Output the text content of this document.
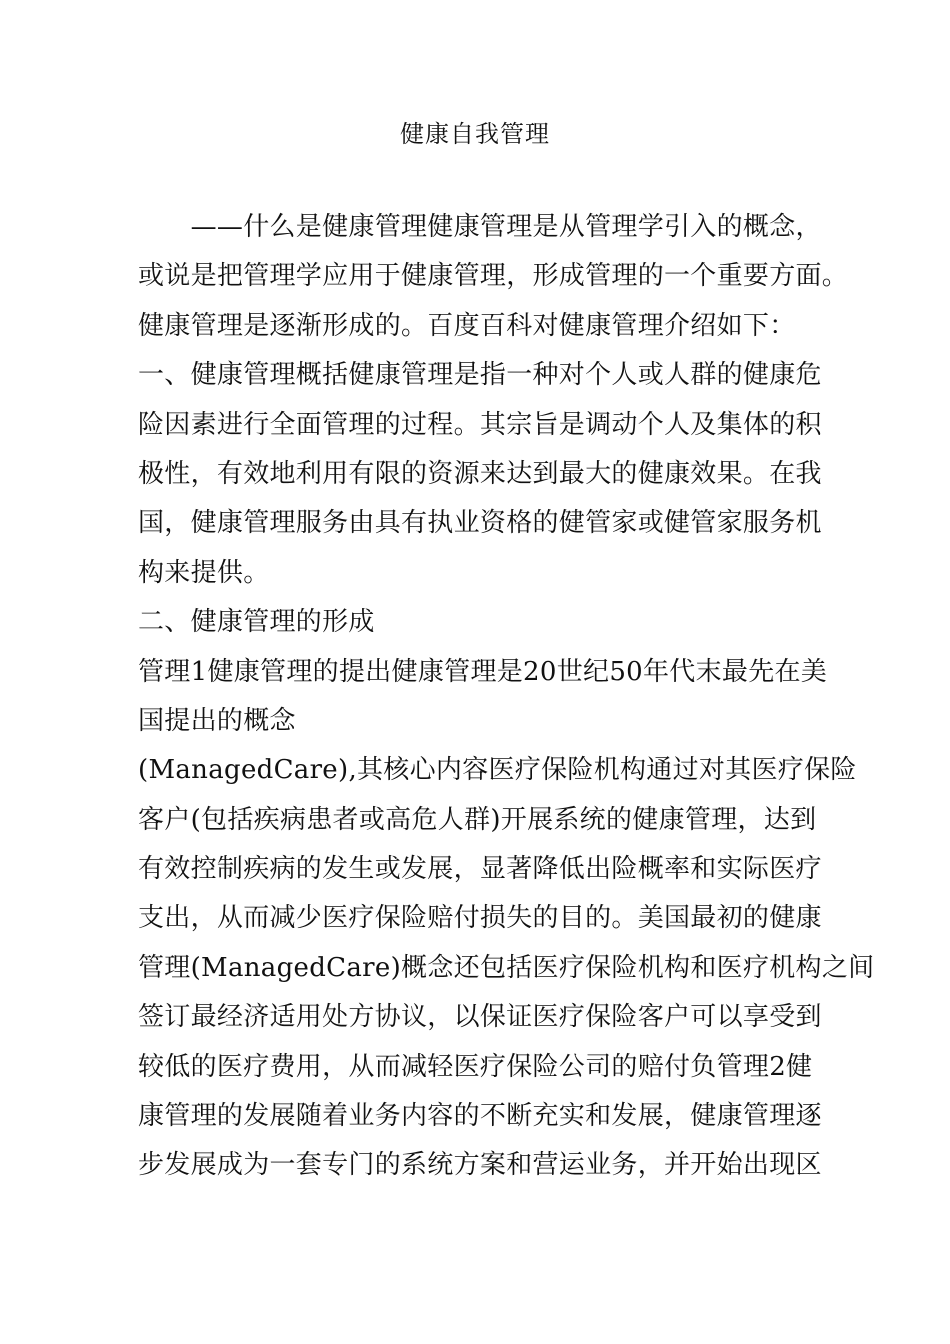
健康自我管理
　　——什么是健康管理健康管理是从管理学引入的概念，
或说是把管理学应用于健康管理，形成管理的一个重要方面。
健康管理是逐渐形成的。百度百科对健康管理介绍如下：
一、健康管理概括健康管理是指一种对个人或人群的健康危
险因素进行全面管理的过程。其宗旨是调动个人及集体的积
极性，有效地利用有限的资源来达到最大的健康效果。在我
国，健康管理服务由具有执业资格的健管家或健管家服务机
构来提供。
二、健康管理的形成
管理1健康管理的提出健康管理是20世纪50年代末最先在美
国提出的概念
(ManagedCare),其核心内容医疗保险机构通过对其医疗保险
客户(包括疾病患者或高危人群)开展系统的健康管理，达到
有效控制疾病的发生或发展，显著降低出险概率和实际医疗
支出，从而减少医疗保险赔付损失的目的。美国最初的健康
管理(ManagedCare)概念还包括医疗保险机构和医疗机构之间
签订最经济适用处方协议，以保证医疗保险客户可以享受到
较低的医疗费用，从而减轻医疗保险公司的赔付负管理2健
康管理的发展随着业务内容的不断充实和发展，健康管理逐
步发展成为一套专门的系统方案和营运业务，并开始出现区
